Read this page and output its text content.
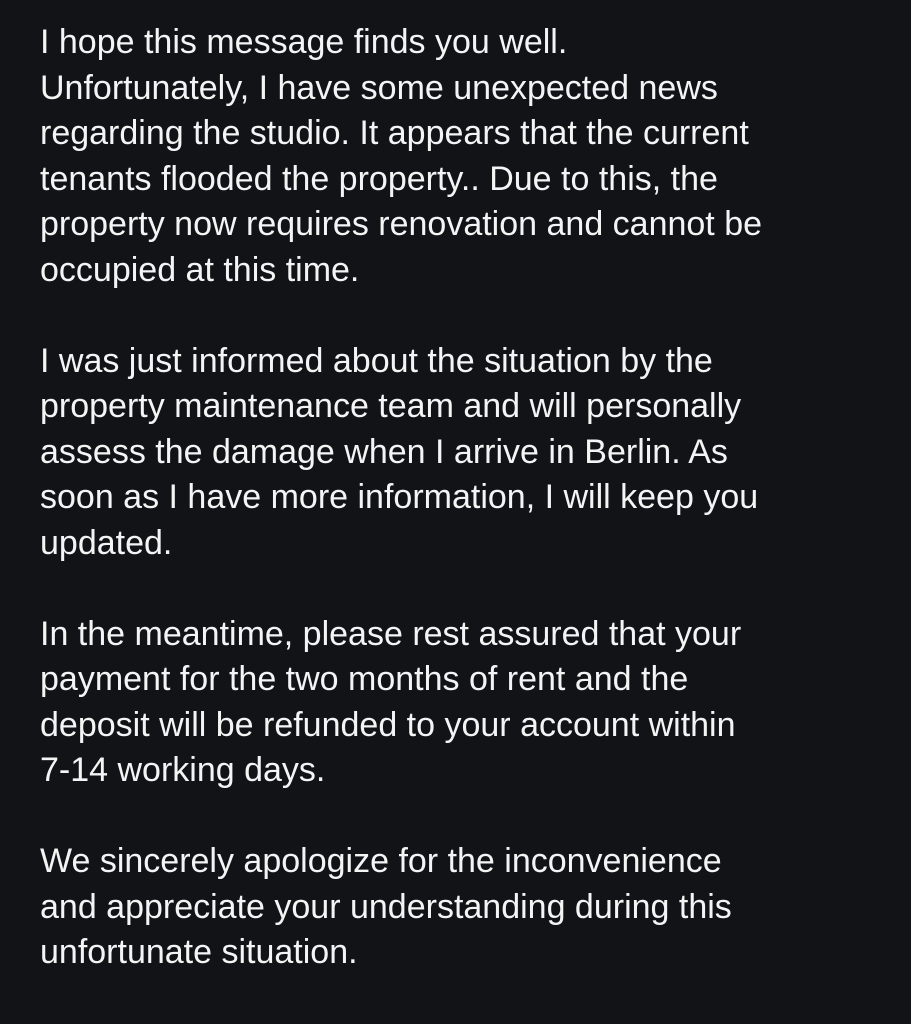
I hope this message finds you well.
Unfortunately, I have some unexpected news
regarding the studio. It appears that the current
tenants flooded the property.. Due to this, the
property now requires renovation and cannot be
occupied at this time.

I was just informed about the situation by the
property maintenance team and will personally
assess the damage when I arrive in Berlin. As
soon as I have more information, I will keep you
updated.

In the meantime, please rest assured that your
payment for the two months of rent and the
deposit will be refunded to your account within
7-14 working days.

We sincerely apologize for the inconvenience
and appreciate your understanding during this
unfortunate situation.
